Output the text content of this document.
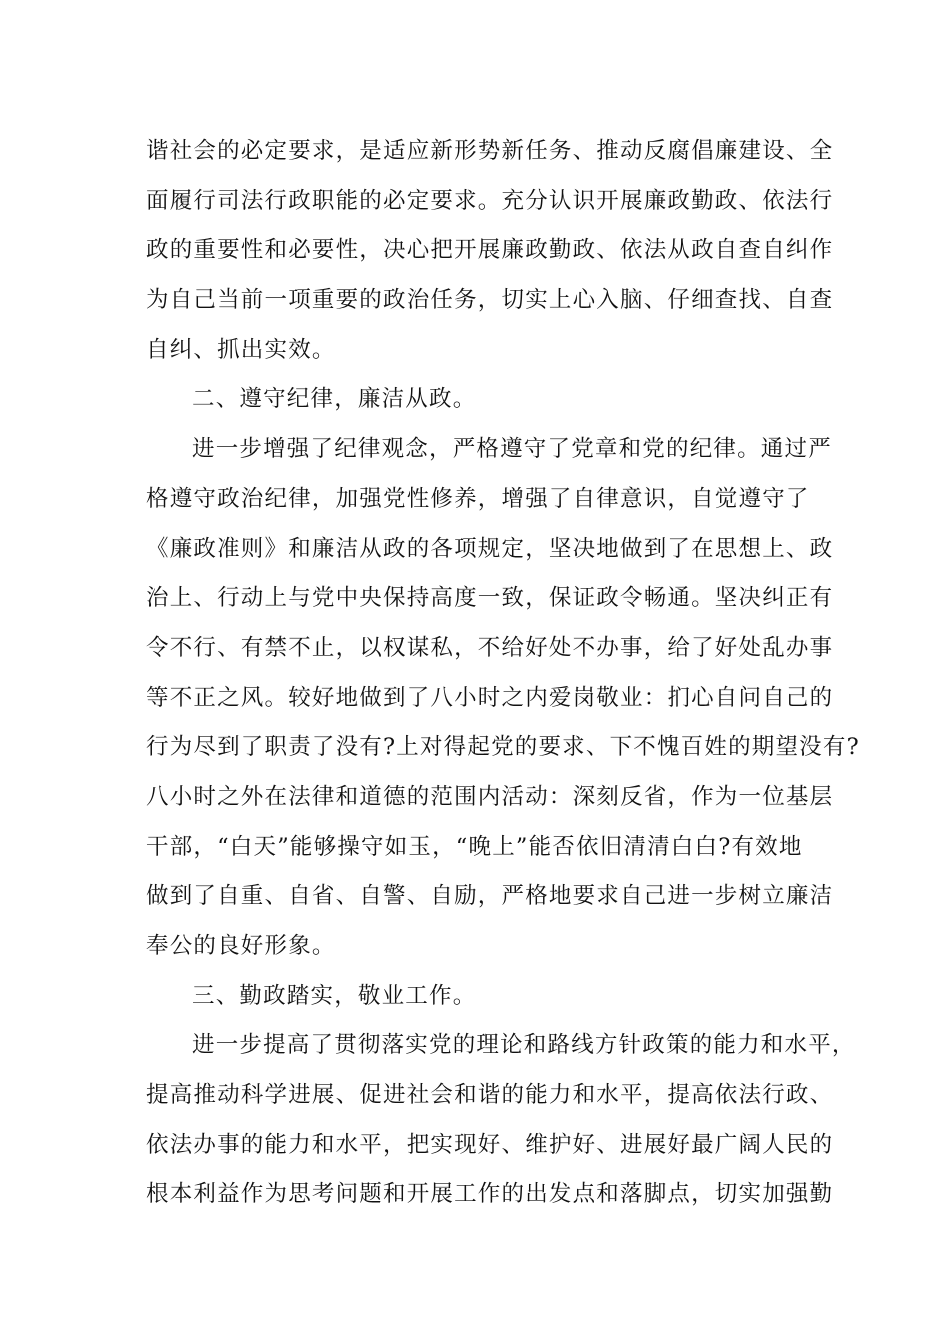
谐社会的必定要求，是适应新形势新任务、推动反腐倡廉建设、全
面履行司法行政职能的必定要求。充分认识开展廉政勤政、依法行
政的重要性和必要性，决心把开展廉政勤政、依法从政自查自纠作
为自己当前一项重要的政治任务，切实上心入脑、仔细查找、自查
自纠、抓出实效。
二、遵守纪律，廉洁从政。
进一步增强了纪律观念，严格遵守了党章和党的纪律。通过严
格遵守政治纪律，加强党性修养，增强了自律意识，自觉遵守了
《廉政准则》和廉洁从政的各项规定，坚决地做到了在思想上、政
治上、行动上与党中央保持高度一致，保证政令畅通。坚决纠正有
令不行、有禁不止，以权谋私，不给好处不办事，给了好处乱办事
等不正之风。较好地做到了八小时之内爱岗敬业：扪心自问自己的
行为尽到了职责了没有?上对得起党的要求、下不愧百姓的期望没有?
八小时之外在法律和道德的范围内活动：深刻反省，作为一位基层
干部，“白天”能够操守如玉，“晚上”能否依旧清清白白?有效地
做到了自重、自省、自警、自励，严格地要求自己进一步树立廉洁
奉公的良好形象。
三、勤政踏实，敬业工作。
进一步提高了贯彻落实党的理论和路线方针政策的能力和水平，
提高推动科学进展、促进社会和谐的能力和水平，提高依法行政、
依法办事的能力和水平，把实现好、维护好、进展好最广阔人民的
根本利益作为思考问题和开展工作的出发点和落脚点，切实加强勤
